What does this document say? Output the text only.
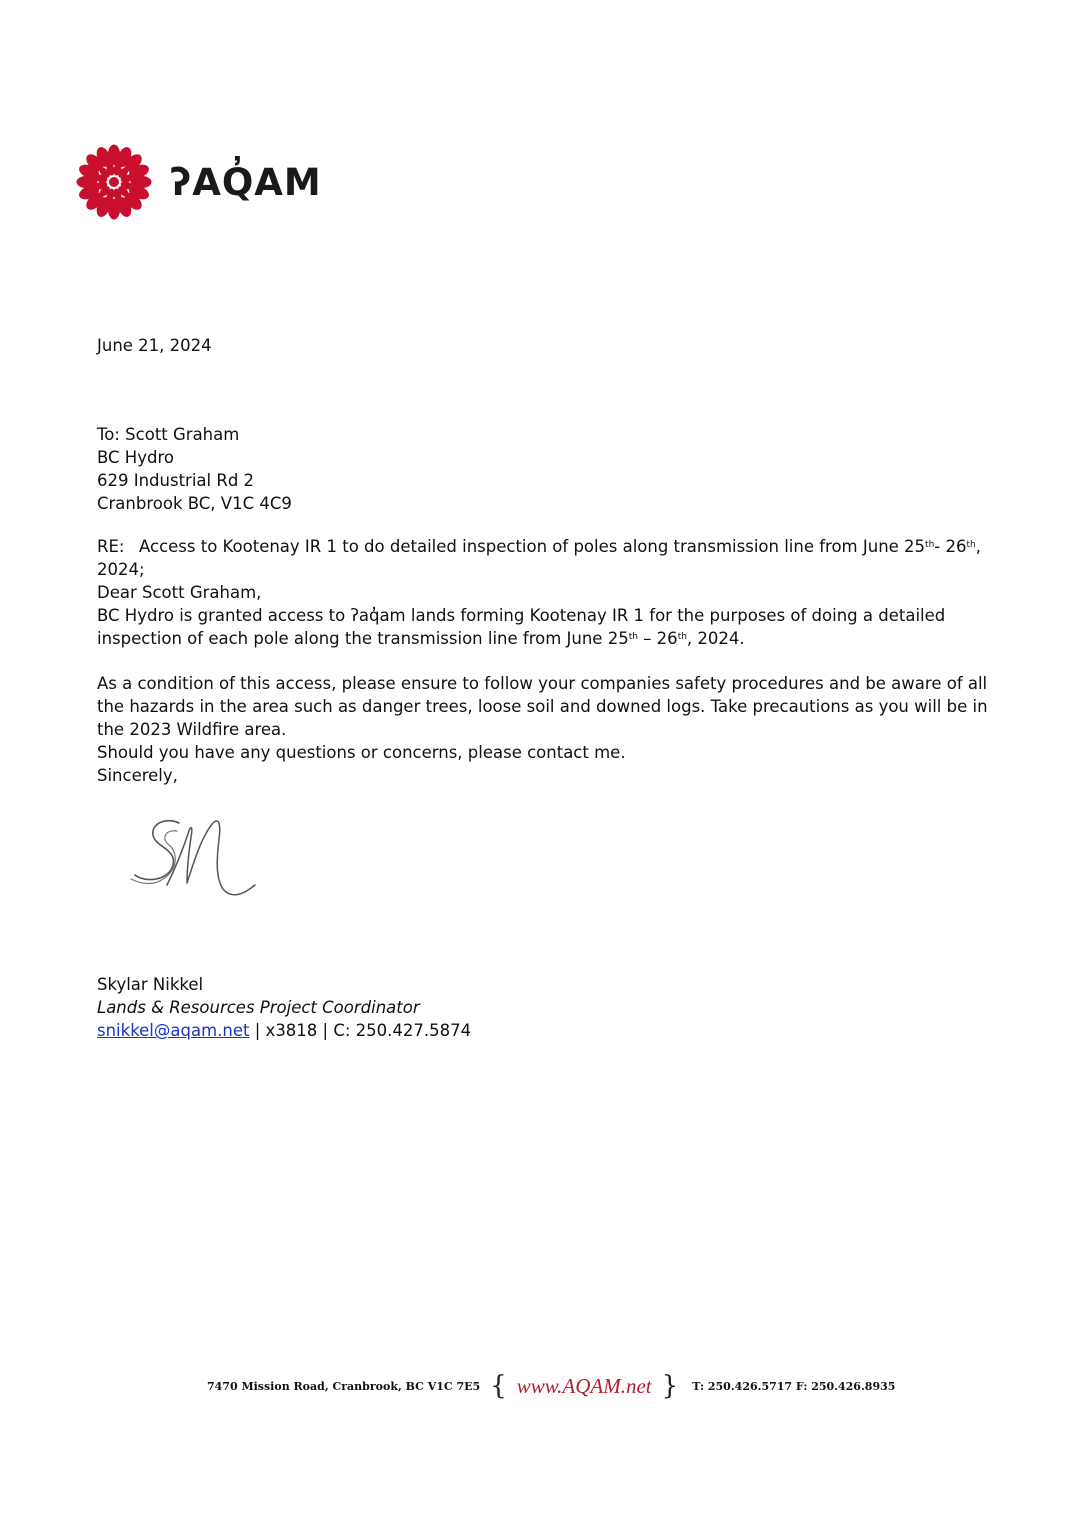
ʔAQ̓AM

June 21, 2024

To: Scott Graham

BC Hydro

629 Industrial Rd 2

Cranbrook BC, V1C 4C9

RE: Access to Kootenay IR 1 to do detailed inspection of poles along transmission line from June 25th- 26th,

2024;

Dear Scott Graham,

BC Hydro is granted access to ʔaq̓am lands forming Kootenay IR 1 for the purposes of doing a detailed

inspection of each pole along the transmission line from June 25th – 26th, 2024.

As a condition of this access, please ensure to follow your companies safety procedures and be aware of all

the hazards in the area such as danger trees, loose soil and downed logs. Take precautions as you will be in

the 2023 Wildfire area.

Should you have any questions or concerns, please contact me.

Sincerely,

Skylar Nikkel

Lands & Resources Project Coordinator

snikkel@aqam.net | x3818 | C: 250.427.5874

7470 Mission Road, Cranbrook, BC V1C 7E5 { www.AQAM.net } T: 250.426.5717 F: 250.426.8935
